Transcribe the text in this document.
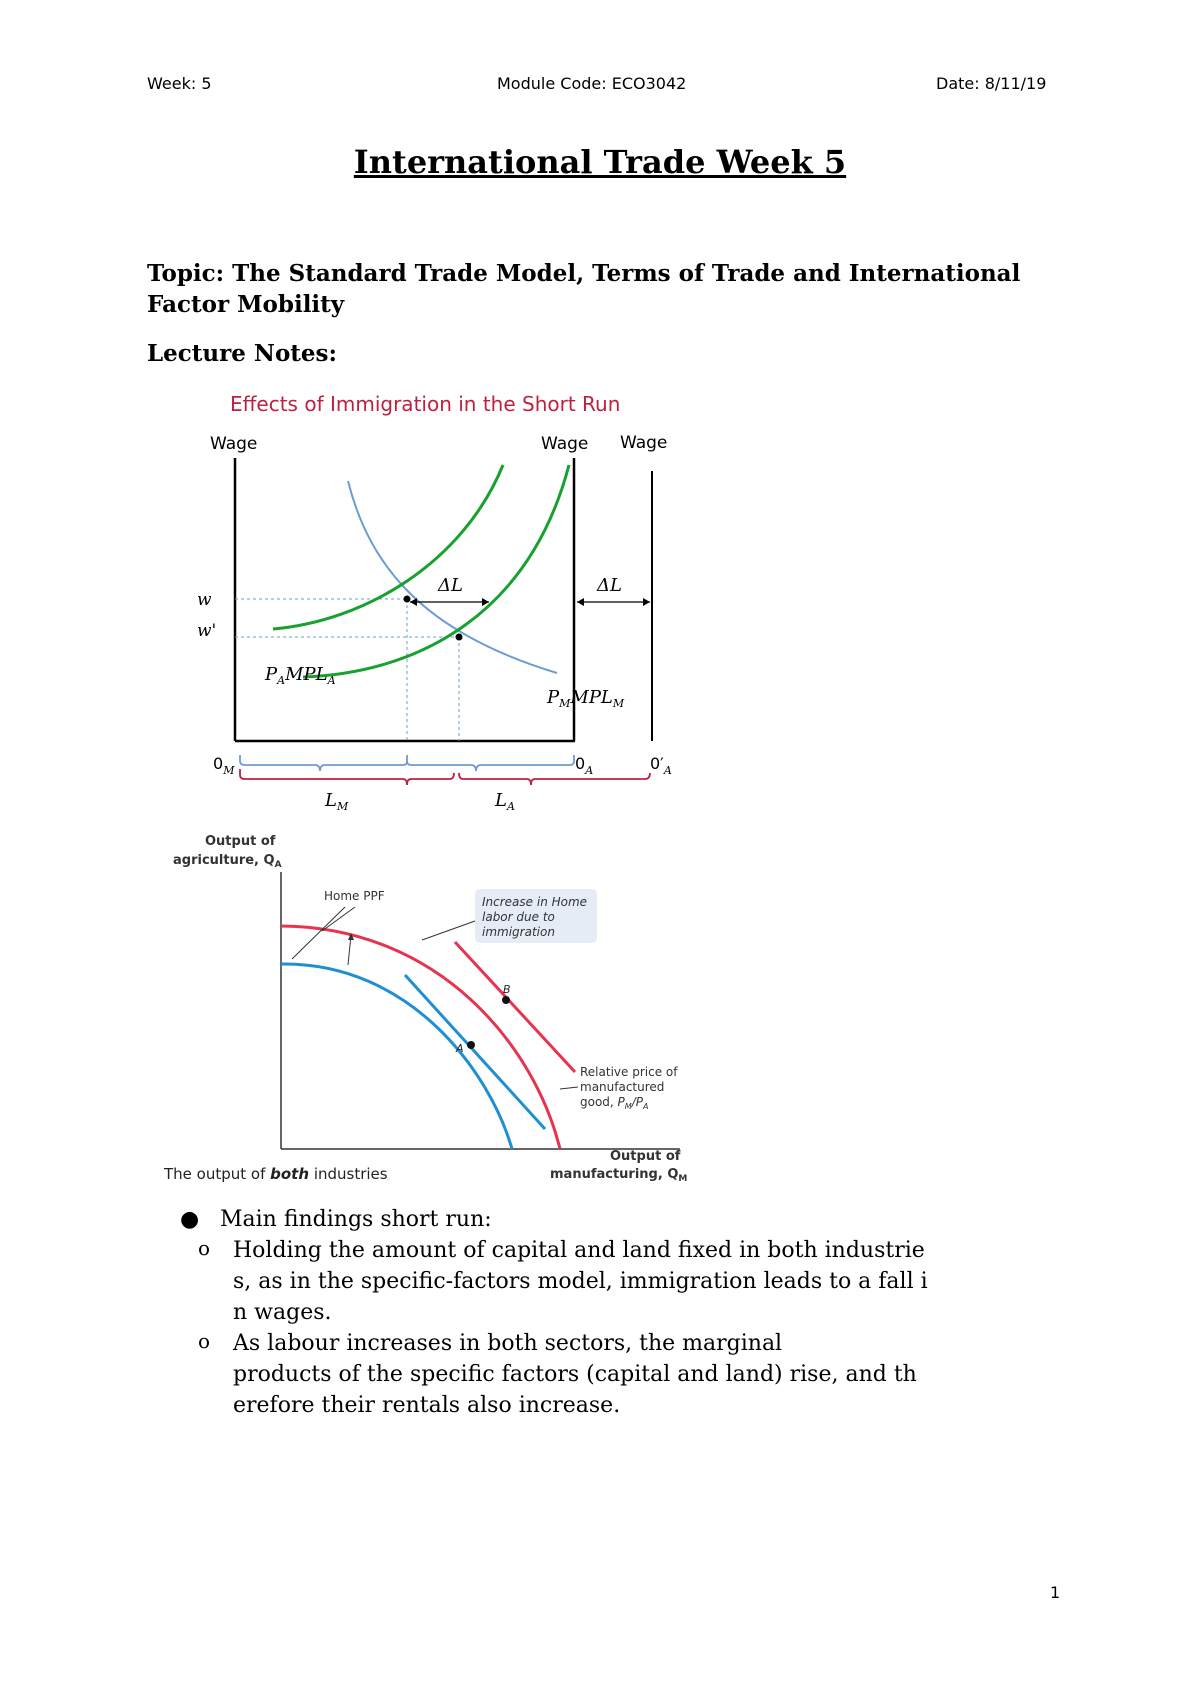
Week: 5	Module Code: ECO3042	Date: 8/11/19
International Trade Week 5
Topic: The Standard Trade Model, Terms of Trade and International Factor Mobility
Lecture Notes:
Effects of Immigration in the Short Run
Wage	Wage Wage
w
w'
ΔL	ΔL
$P_AMPL_A$
$P_MMPL_M$
$0_M$	$0_A$	$0'_A$
$L_M$	$L_A$
Output of
agriculture, $Q_A$
A
B
Home PPF	Increase in Home
labor due to
immigration
Relative price of
manufactured
good, $P_M/P_A$
The output of both industries
Output of
manufacturing, $Q_M$
● Main findings short run:
o Holding the amount of capital and land fixed in both industrie
s, as in the specific-factors model, immigration leads to a fall i
n wages.
o As labour increases in both sectors, the marginal
products of the specific factors (capital and land) rise, and th
erefore their rentals also increase.
1
